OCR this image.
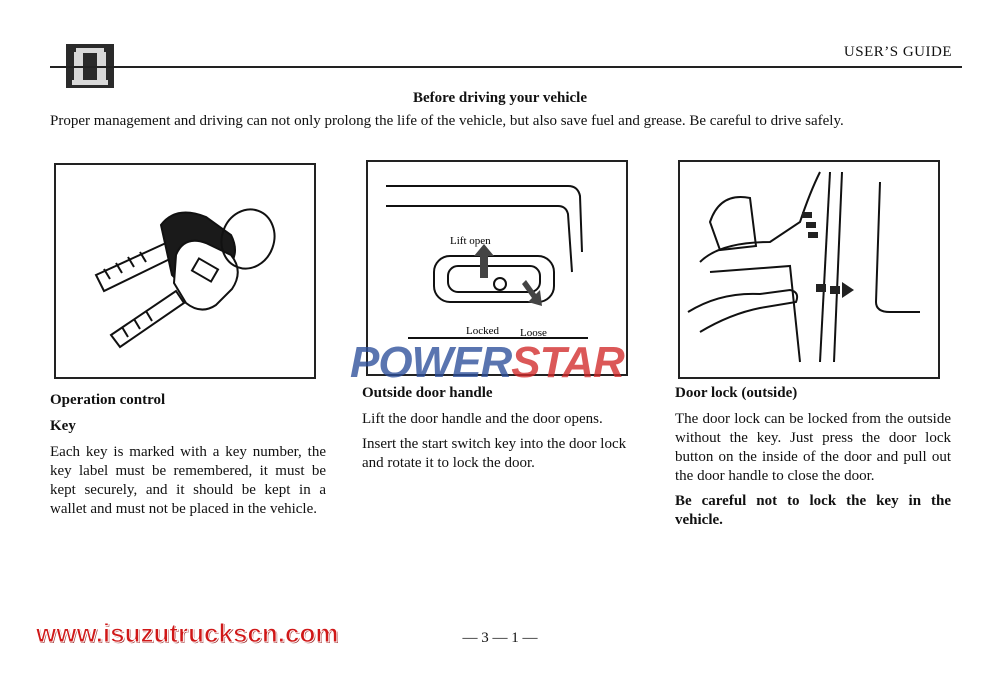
USER’S GUIDE
Before driving your vehicle
Proper management and driving can not only prolong the life of the vehicle, but also save fuel and grease. Be careful to drive safely.
Lift open
Locked Loose

Operation control

Key

Each key is marked with a key number, the key label must be remembered, it must be kept securely, and it should be kept in a wallet and must not be placed in the vehicle.

Outside door handle

Lift the door handle and the door opens.

Insert the start switch key into the door lock and rotate it to lock the door.

Door lock (outside)

The door lock can be locked from the outside without the key. Just press the door lock button on the inside of the door and pull out the door handle to close the door.

Be careful not to lock the key in the vehicle.

POWERSTAR
www.isuzutruckscn.com	— 3 — 1 —
